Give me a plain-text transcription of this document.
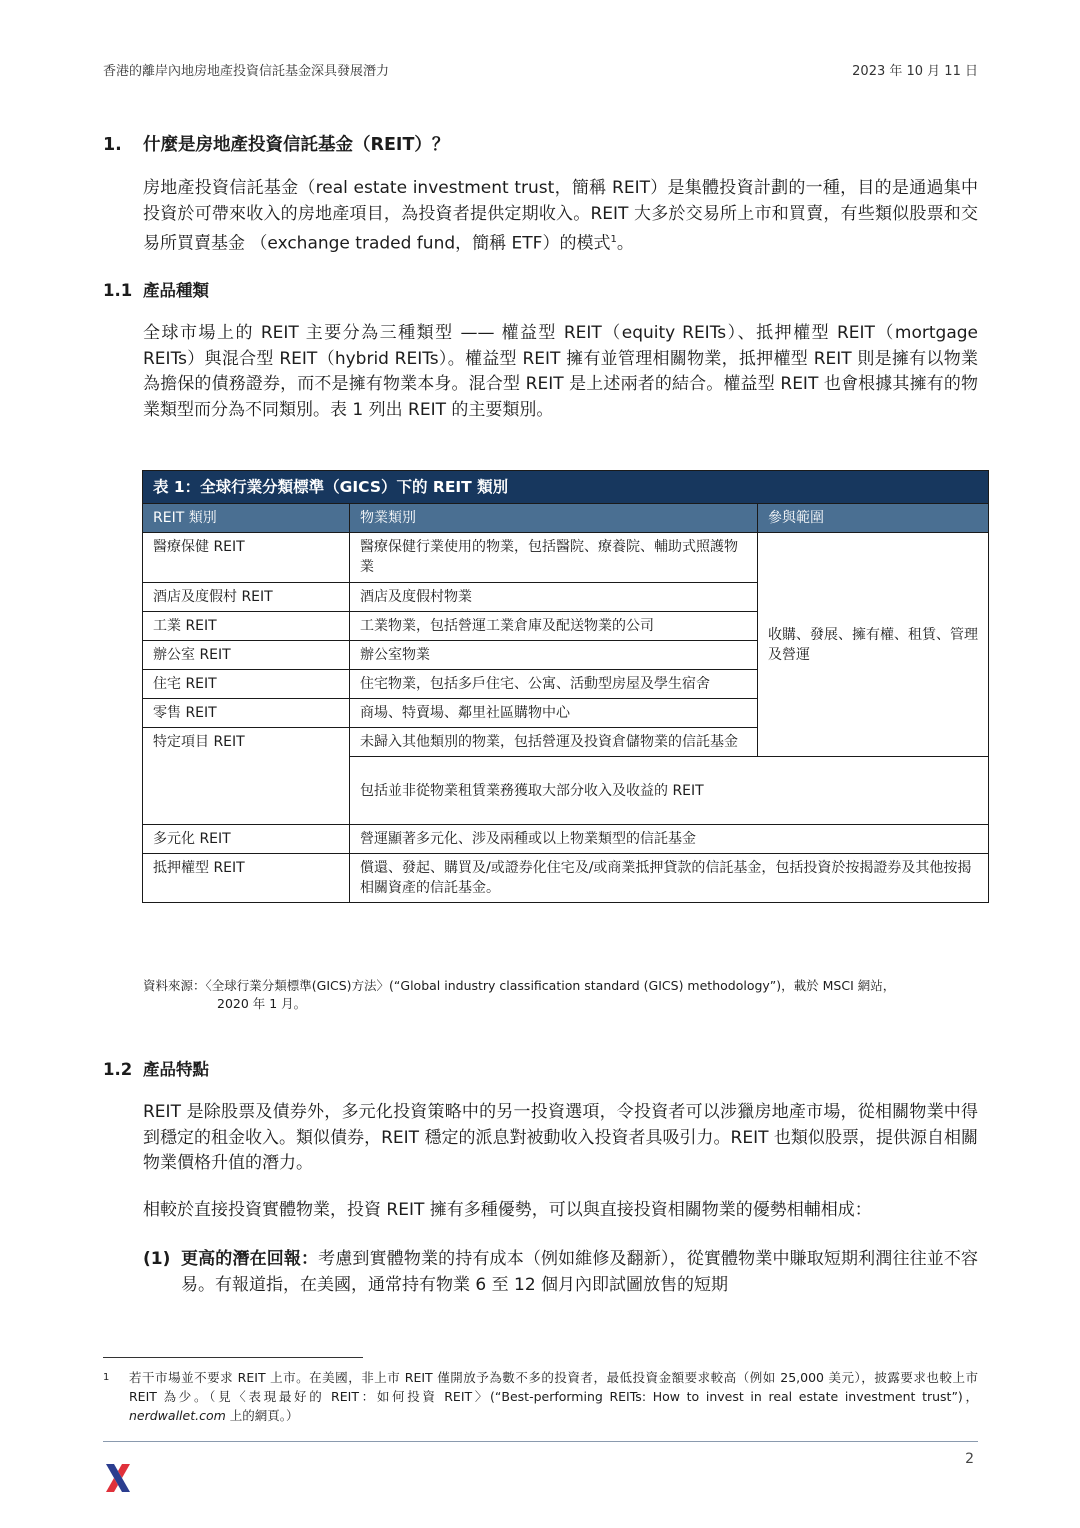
香港的離岸內地房地產投資信託基金深具發展潛力	2023 年 10 月 11 日
1. 什麼是房地產投資信託基金（REIT）？

房地產投資信託基金（real estate investment trust，簡稱 REIT）是集體投資計劃的一種，目的是通過集中投資於可帶來收入的房地產項目，為投資者提供定期收入。REIT 大多於交易所上市和買賣，有些類似股票和交易所買賣基金 （exchange traded fund，簡稱 ETF）的模式$^1$。

1.1 產品種類

全球市場上的 REIT 主要分為三種類型 —— 權益型 REIT（equity REITs）、抵押權型 REIT（mortgage REITs）與混合型 REIT（hybrid REITs）。權益型 REIT 擁有並管理相關物業，抵押權型 REIT 則是擁有以物業為擔保的債務證券，而不是擁有物業本身。混合型 REIT 是上述兩者的結合。權益型 REIT 也會根據其擁有的物業類型而分為不同類別。表 1 列出 REIT 的主要類別。

表 1：全球行業分類標準（GICS）下的 REIT 類別		
REIT 類別	物業類別	參與範圍
醫療保健 REIT	醫療保健行業使用的物業，包括醫院、療養院、輔助式照護物業	收購、發展、擁有權、租賃、管理及營運
酒店及度假村 REIT	酒店及度假村物業	
工業 REIT	工業物業，包括營運工業倉庫及配送物業的公司	
辦公室 REIT	辦公室物業	
住宅 REIT	住宅物業，包括多戶住宅、公寓、活動型房屋及學生宿舍	
零售 REIT	商場、特賣場、鄰里社區購物中心	
特定項目 REIT	未歸入其他類別的物業，包括營運及投資倉儲物業的信託基金	
	包括並非從物業租賃業務獲取大部分收入及收益的 REIT	
多元化 REIT	營運顯著多元化、涉及兩種或以上物業類型的信託基金	
抵押權型 REIT	償還、發起、購買及/或證券化住宅及/或商業抵押貸款的信託基金，包括投資於按揭證券及其他按揭相關資產的信託基金。	

資料來源：〈全球行業分類標準(GICS)方法〉(“Global industry classification standard (GICS) methodology”)，載於 MSCI 網站，
2020 年 1 月。

1.2 產品特點

REIT 是除股票及債券外，多元化投資策略中的另一投資選項，令投資者可以涉獵房地產市場，從相關物業中得到穩定的租金收入。類似債券，REIT 穩定的派息對被動收入投資者具吸引力。REIT 也類似股票，提供源自相關物業價格升值的潛力。

相較於直接投資實體物業，投資 REIT 擁有多種優勢，可以與直接投資相關物業的優勢相輔相成：

(1) 更高的潛在回報：考慮到實體物業的持有成本（例如維修及翻新），從實體物業中賺取短期利潤往往並不容易。有報道指，在美國，通常持有物業 6 至 12 個月內即試圖放售的短期

1	若干市場並不要求 REIT 上市。在美國，非上市 REIT 僅開放予為數不多的投資者，最低投資金額要求較高（例如 25,000 美元），披露要求也較上市 REIT 為少。（見〈表現最好的 REIT：如何投資 REIT〉(“Best-performing REITs: How to invest in real estate investment trust”)，nerdwallet.com 上的網頁。）

2
